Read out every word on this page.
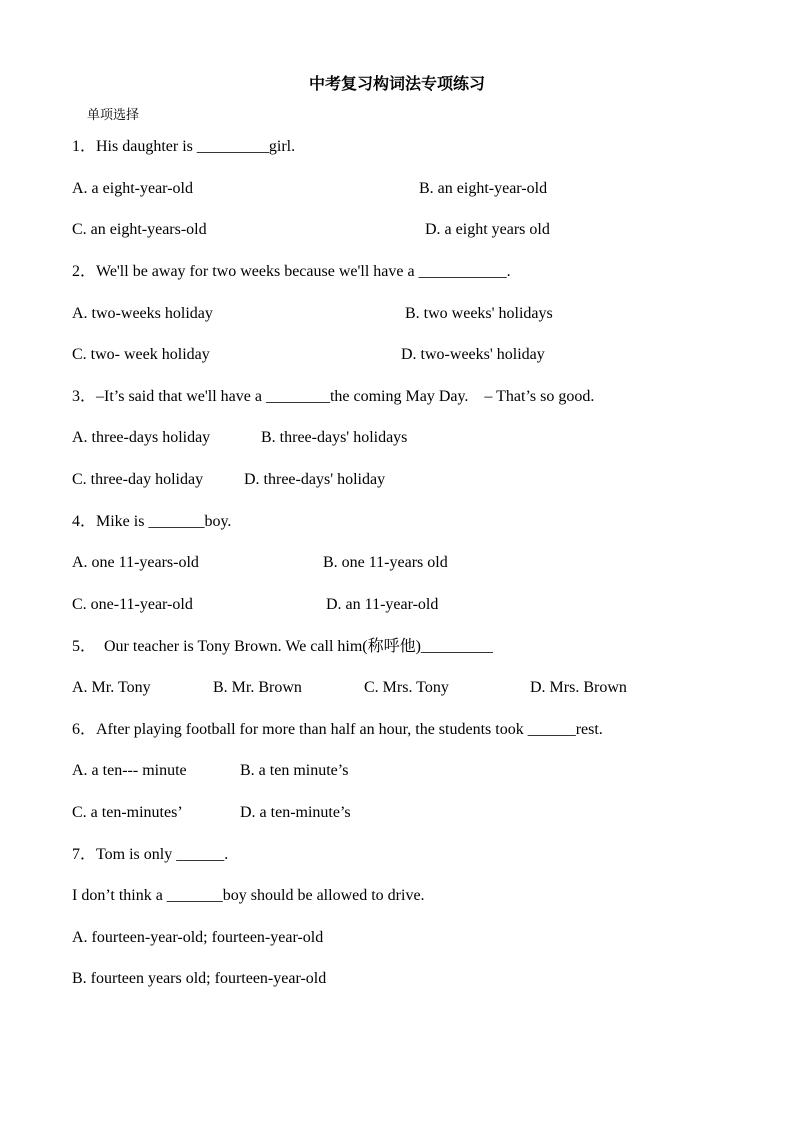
中考复习构词法专项练习
单项选择
1．His daughter is _________girl.
A. a eight-year-old	B. an eight-year-old
C. an eight-years-old	D. a eight years old
2．We'll be away for two weeks because we'll have a ___________.
A. two-weeks holiday	B. two weeks' holidays
C. two- week holiday	D. two-weeks' holiday
3．–It’s said that we'll have a ________the coming May Day.    – That’s so good.
A. three-days holiday	B. three-days' holidays
C. three-day holiday	D. three-days' holiday
4．Mike is _______boy.
A. one 11-years-old	B. one 11-years old
C. one-11-year-old	D. an 11-year-old
5．  Our teacher is Tony Brown. We call him(称呼他)_________
A. Mr. Tony	B. Mr. Brown	C. Mrs. Tony	D. Mrs. Brown
6．After playing football for more than half an hour, the students took ______rest.
A. a ten--- minute	B. a ten minute’s
C. a ten-minutes’	D. a ten-minute’s
7．Tom is only ______.
I don’t think a _______boy should be allowed to drive.
A. fourteen-year-old; fourteen-year-old
B. fourteen years old; fourteen-year-old
